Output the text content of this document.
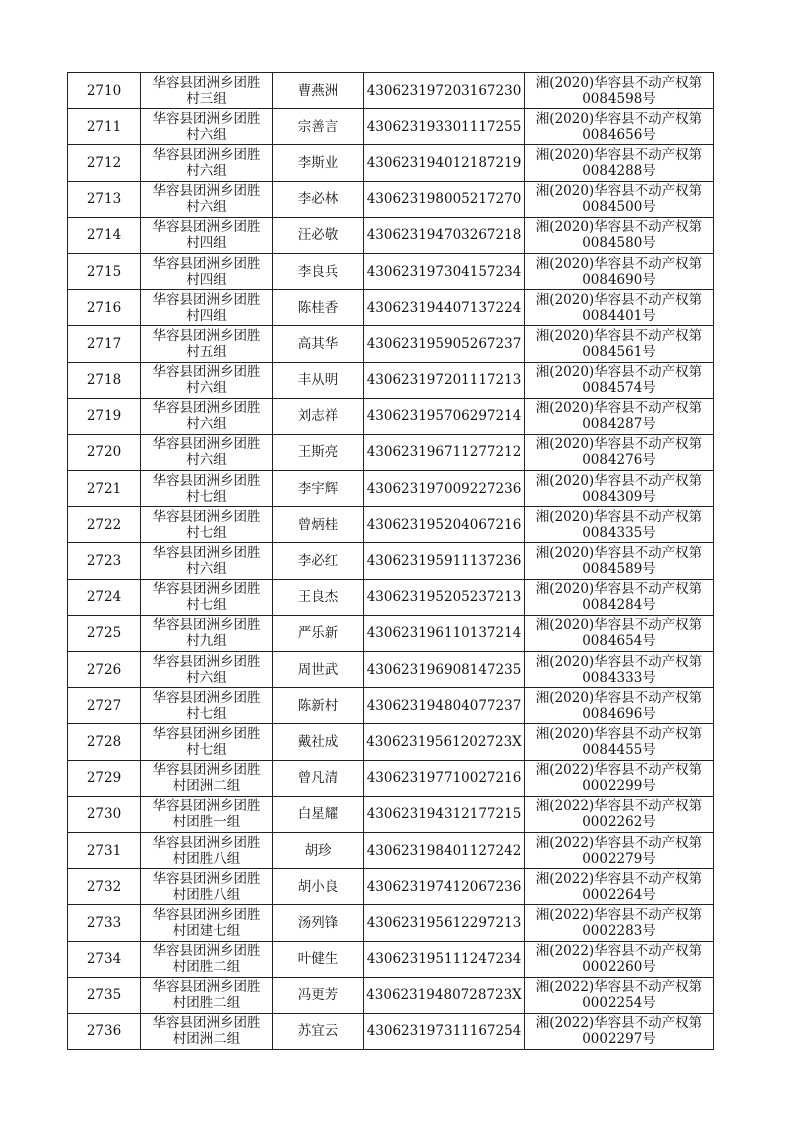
2710	华容县团洲乡团胜
村三组	曹燕洲	430623197203167230	湘(2020)华容县不动产权第
0084598号

2711	华容县团洲乡团胜
村六组	宗善言	430623193301117255	湘(2020)华容县不动产权第
0084656号

2712	华容县团洲乡团胜
村六组	李斯业	430623194012187219	湘(2020)华容县不动产权第
0084288号

2713	华容县团洲乡团胜
村六组	李必林	430623198005217270	湘(2020)华容县不动产权第
0084500号

2714	华容县团洲乡团胜
村四组	汪必敬	430623194703267218	湘(2020)华容县不动产权第
0084580号

2715	华容县团洲乡团胜
村四组	李良兵	430623197304157234	湘(2020)华容县不动产权第
0084690号

2716	华容县团洲乡团胜
村四组	陈桂香	430623194407137224	湘(2020)华容县不动产权第
0084401号

2717	华容县团洲乡团胜
村五组	高其华	430623195905267237	湘(2020)华容县不动产权第
0084561号

2718	华容县团洲乡团胜
村六组	丰从明	430623197201117213	湘(2020)华容县不动产权第
0084574号

2719	华容县团洲乡团胜
村六组	刘志祥	430623195706297214	湘(2020)华容县不动产权第
0084287号

2720	华容县团洲乡团胜
村六组	王斯亮	430623196711277212	湘(2020)华容县不动产权第
0084276号

2721	华容县团洲乡团胜
村七组	李宇辉	430623197009227236	湘(2020)华容县不动产权第
0084309号

2722	华容县团洲乡团胜
村七组	曾炳桂	430623195204067216	湘(2020)华容县不动产权第
0084335号

2723	华容县团洲乡团胜
村六组	李必红	430623195911137236	湘(2020)华容县不动产权第
0084589号

2724	华容县团洲乡团胜
村七组	王良杰	430623195205237213	湘(2020)华容县不动产权第
0084284号

2725	华容县团洲乡团胜
村九组	严乐新	430623196110137214	湘(2020)华容县不动产权第
0084654号

2726	华容县团洲乡团胜
村六组	周世武	430623196908147235	湘(2020)华容县不动产权第
0084333号

2727	华容县团洲乡团胜
村七组	陈新村	430623194804077237	湘(2020)华容县不动产权第
0084696号

2728	华容县团洲乡团胜
村七组	戴社成	43062319561202723X	湘(2020)华容县不动产权第
0084455号

2729	华容县团洲乡团胜
村团洲二组	曾凡清	430623197710027216	湘(2022)华容县不动产权第
0002299号

2730	华容县团洲乡团胜
村团胜一组	白星耀	430623194312177215	湘(2022)华容县不动产权第
0002262号

2731	华容县团洲乡团胜
村团胜八组	胡珍	430623198401127242	湘(2022)华容县不动产权第
0002279号

2732	华容县团洲乡团胜
村团胜八组	胡小良	430623197412067236	湘(2022)华容县不动产权第
0002264号

2733	华容县团洲乡团胜
村团建七组	汤列锋	430623195612297213	湘(2022)华容县不动产权第
0002283号

2734	华容县团洲乡团胜
村团胜二组	叶健生	430623195111247234	湘(2022)华容县不动产权第
0002260号

2735	华容县团洲乡团胜
村团胜二组	冯更芳	43062319480728723X	湘(2022)华容县不动产权第
0002254号

2736	华容县团洲乡团胜
村团洲二组	苏宜云	430623197311167254	湘(2022)华容县不动产权第
0002297号
